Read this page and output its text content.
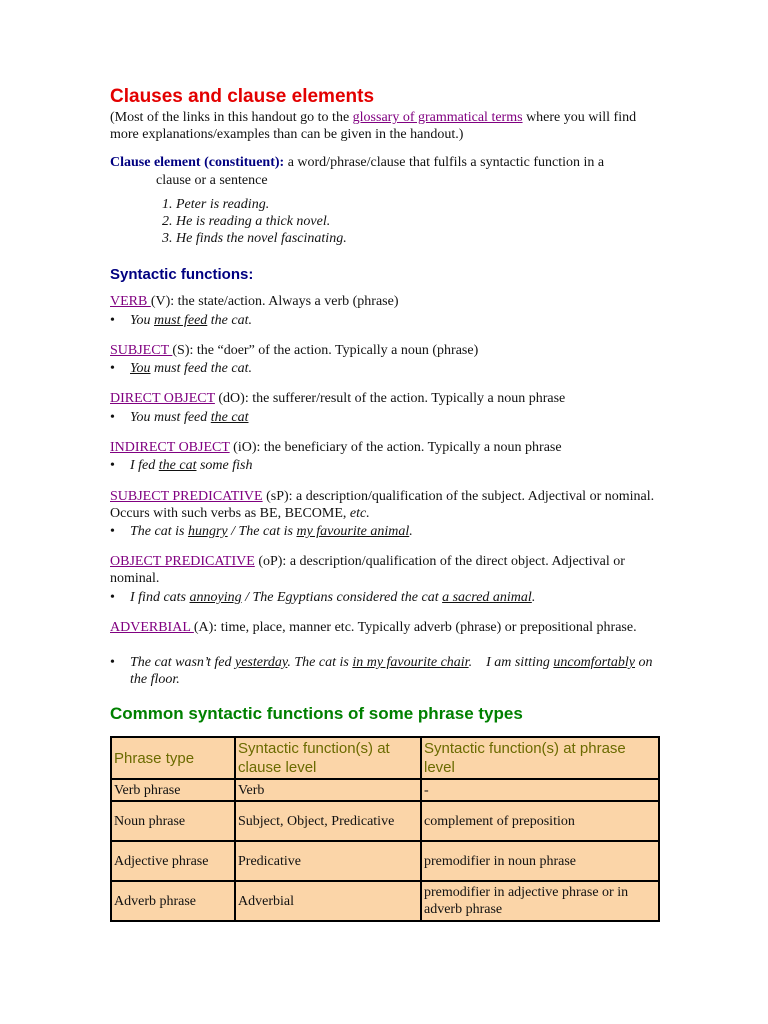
Clauses and clause elements
(Most of the links in this handout go to the glossary of grammatical terms where you will find more explanations/examples than can be given in the handout.)
Clause element (constituent): a word/phrase/clause that fulfils a syntactic function in a
clause or a sentence
1. Peter is reading.
2. He is reading a thick novel.
3. He finds the novel fascinating.
Syntactic functions:
VERB (V): the state/action. Always a verb (phrase)
•	You must feed the cat.
SUBJECT (S): the “doer” of the action. Typically a noun (phrase)
•	You must feed the cat.
DIRECT OBJECT (dO): the sufferer/result of the action. Typically a noun phrase
•	You must feed the cat
INDIRECT OBJECT (iO): the beneficiary of the action. Typically a noun phrase
•	I fed the cat some fish
SUBJECT PREDICATIVE (sP): a description/qualification of the subject. Adjectival or nominal. Occurs with such verbs as BE, BECOME, etc.
•	The cat is hungry / The cat is my favourite animal.
OBJECT PREDICATIVE (oP): a description/qualification of the direct object. Adjectival or nominal.
•	I find cats annoying / The Egyptians considered the cat a sacred animal.
ADVERBIAL (A): time, place, manner etc. Typically adverb (phrase) or prepositional phrase.
•	The cat wasn’t fed yesterday. The cat is in my favourite chair.    I am sitting uncomfortably on the floor.
Common syntactic functions of some phrase types
Phrase type	Syntactic function(s) at clause level	Syntactic function(s) at phrase level
Verb phrase	Verb	-
Noun phrase	Subject, Object, Predicative	complement of preposition
Adjective phrase	Predicative	premodifier in noun phrase
Adverb phrase	Adverbial	premodifier in adjective phrase or in adverb phrase
